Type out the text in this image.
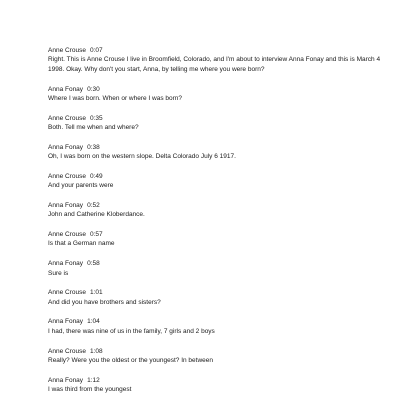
Anne Crouse 0:07
Right. This is Anne Crouse I live in Broomfield, Colorado, and I'm about to interview Anna Fonay and this is March 4 1998. Okay. Why don't you start, Anna, by telling me where you were born?
Anna Fonay 0:30
Where I was born. When or where I was born?
Anne Crouse 0:35
Both. Tell me when and where?
Anna Fonay 0:38
Oh, I was born on the western slope. Delta Colorado July 6 1917.
Anne Crouse 0:49
And your parents were
Anna Fonay 0:52
John and Catherine Kloberdance.
Anne Crouse 0:57
Is that a German name
Anna Fonay 0:58
Sure is
Anne Crouse 1:01
And did you have brothers and sisters?
Anna Fonay 1:04
I had, there was nine of us in the family, 7 girls and 2 boys
Anne Crouse 1:08
Really? Were you the oldest or the youngest? In between
Anna Fonay 1:12
I was third from the youngest
